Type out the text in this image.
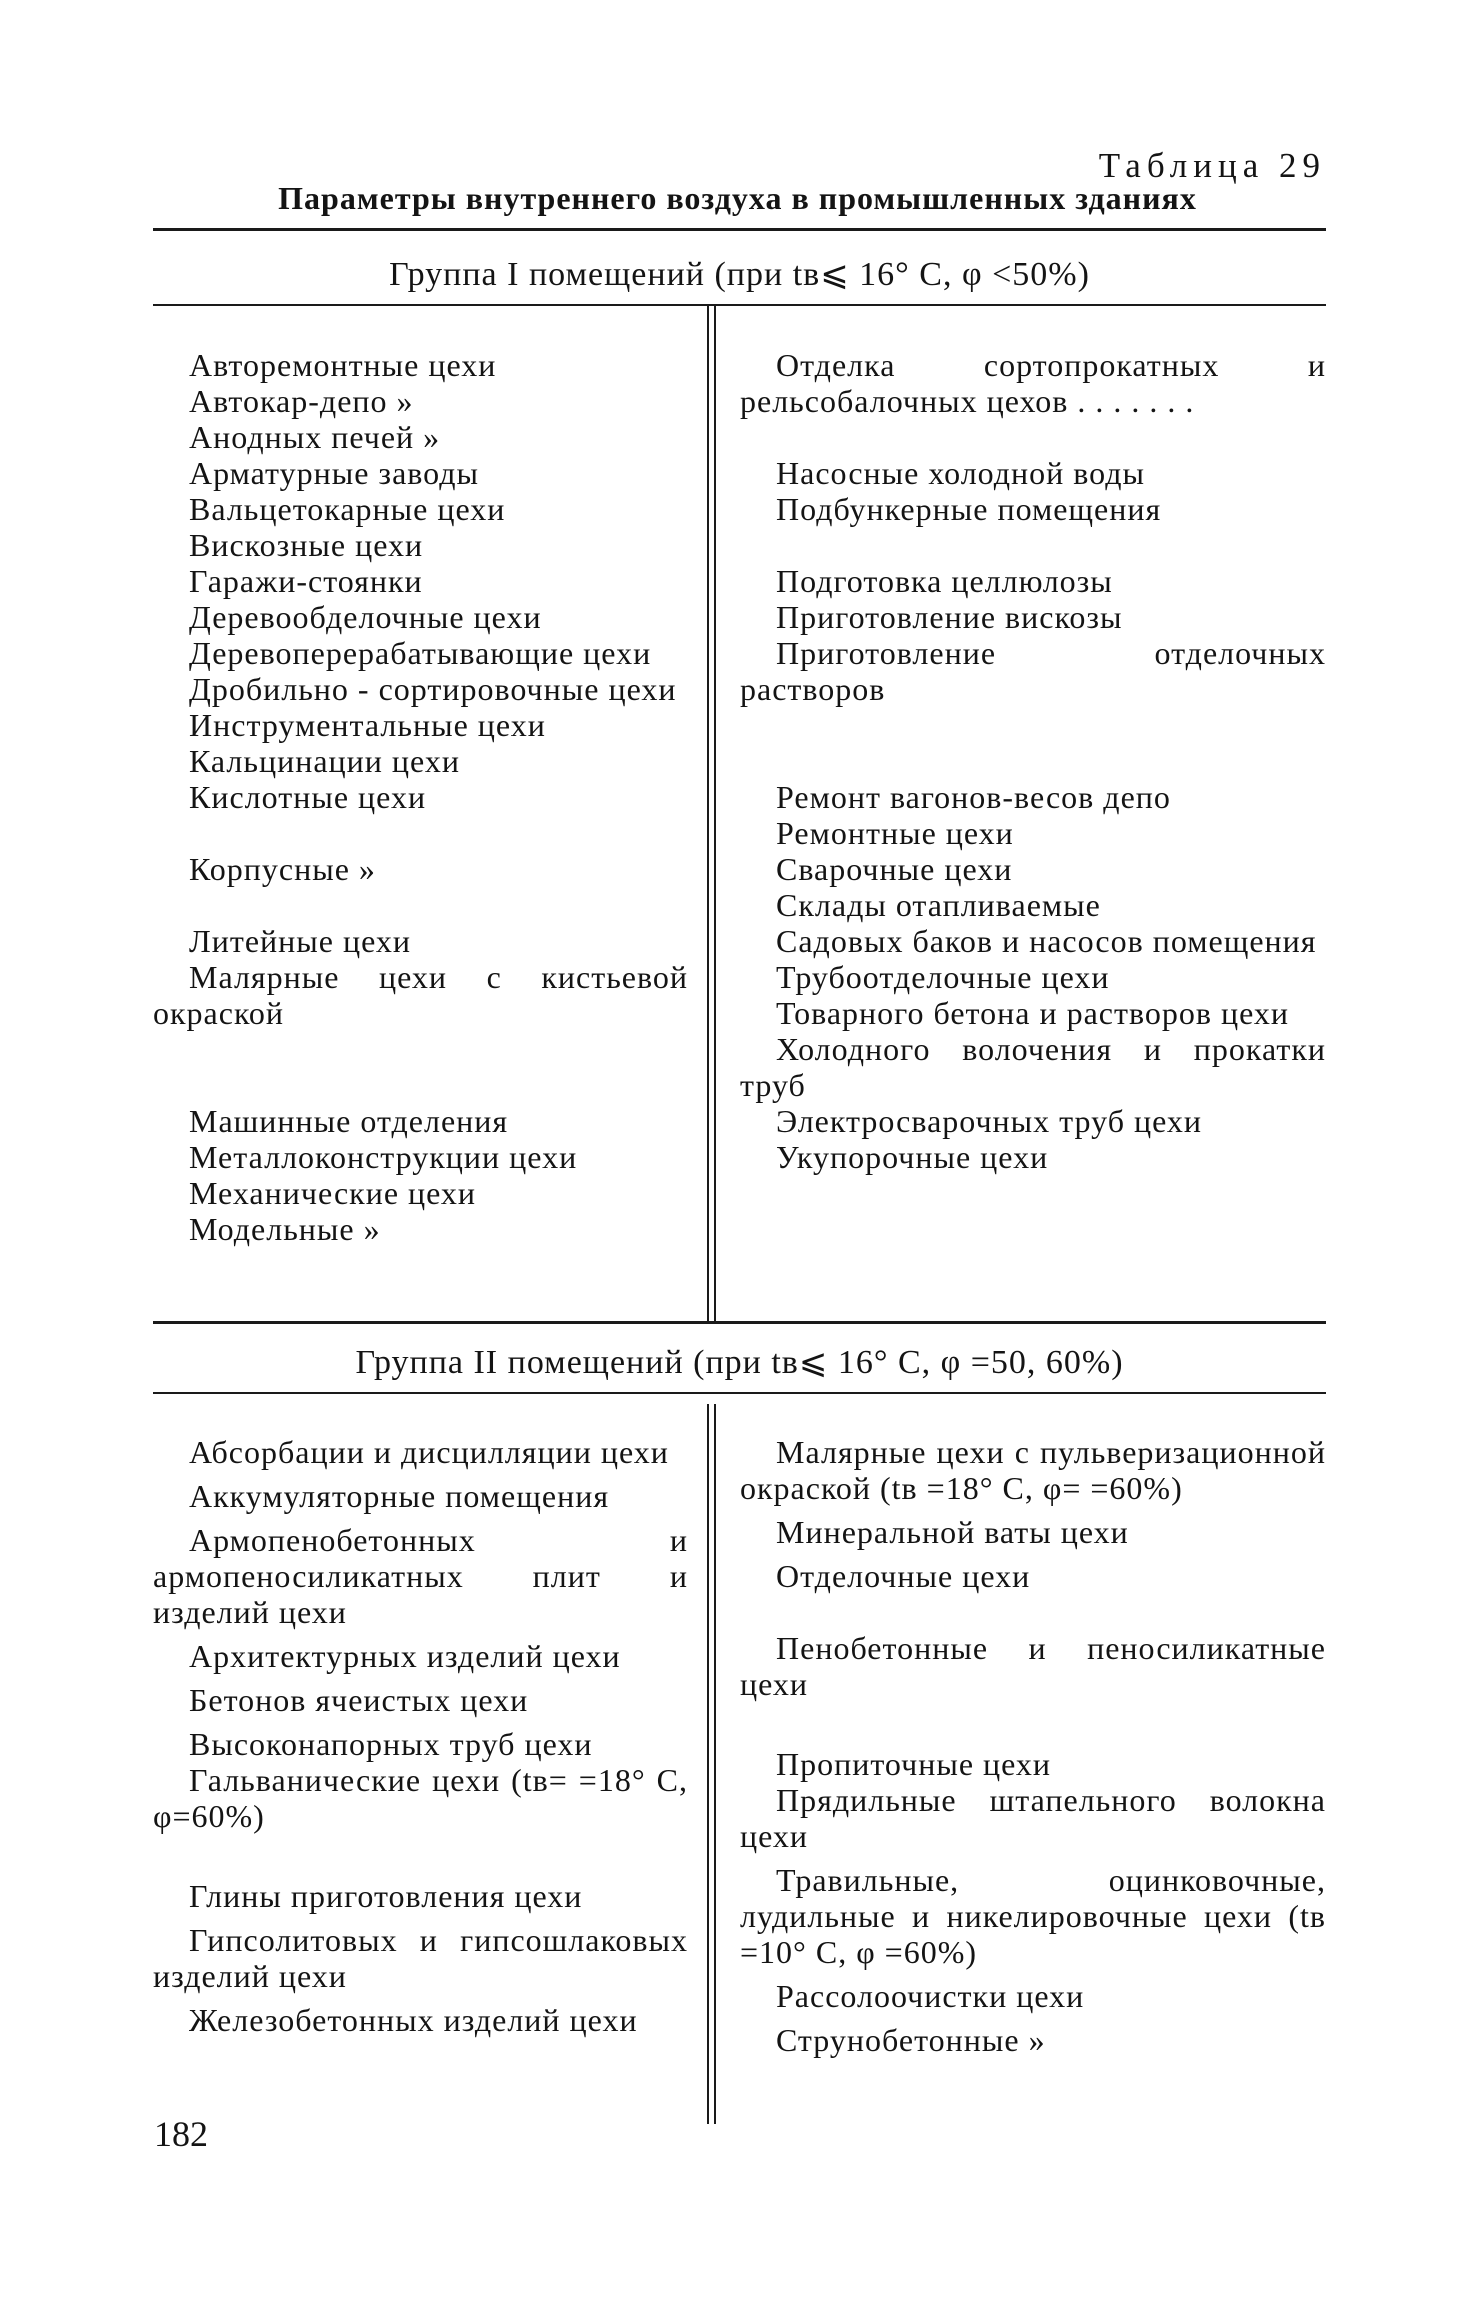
Таблица 29
Параметры внутреннего воздуха в промышленных зданиях
Группа I помещений (при tв⩽ 16° С, φ <50%)

Авторемонтные цехи

Автокар-депо »

Анодных печей »

Арматурные заводы

Вальцетокарные цехи

Вискозные цехи

Гаражи-стоянки

Деревообделочные цехи

Деревоперерабатывающие цехи

Дробильно - сортировочные цехи

Инструментальные цехи

Кальцинации цехи

Кислотные цехи

Корпусные »

Литейные цехи

Малярные цехи с кистьевой окраской

Машинные отделения

Металлоконструкции цехи

Механические цехи

Модельные »

Отделка сортопрокатных и рельсобалочных цехов . . . . . . .

Насосные холодной воды

Подбункерные помещения

Подготовка целлюлозы

Приготовление вискозы

Приготовление отделочных растворов

Ремонт вагонов-весов депо

Ремонтные цехи

Сварочные цехи

Склады отапливаемые

Садовых баков и насосов помещения

Трубоотделочные цехи

Товарного бетона и растворов цехи

Холодного волочения и прокатки труб

Электросварочных труб цехи

Укупорочные цехи

Группа II помещений (при tв⩽ 16° С, φ =50, 60%)

Абсорбации и дисцилляции цехи

Аккумуляторные помещения

Армопенобетонных и армопеносиликатных плит и изделий цехи

Архитектурных изделий цехи

Бетонов ячеистых цехи

Высоконапорных труб цехи

Гальванические цехи (tв= =18° С, φ=60%)

Глины приготовления цехи

Гипсолитовых и гипсошлаковых изделий цехи

Железобетонных изделий цехи

Малярные цехи с пульверизационной окраской (tв =18° С, φ= =60%)

Минеральной ваты цехи

Отделочные цехи

Пенобетонные и пеносиликатные цехи

Пропиточные цехи

Прядильные штапельного волокна цехи

Травильные, оцинковочные, лудильные и никелировочные цехи (tв =10° С, φ =60%)

Рассолоочистки цехи

Струнобетонные »

182
